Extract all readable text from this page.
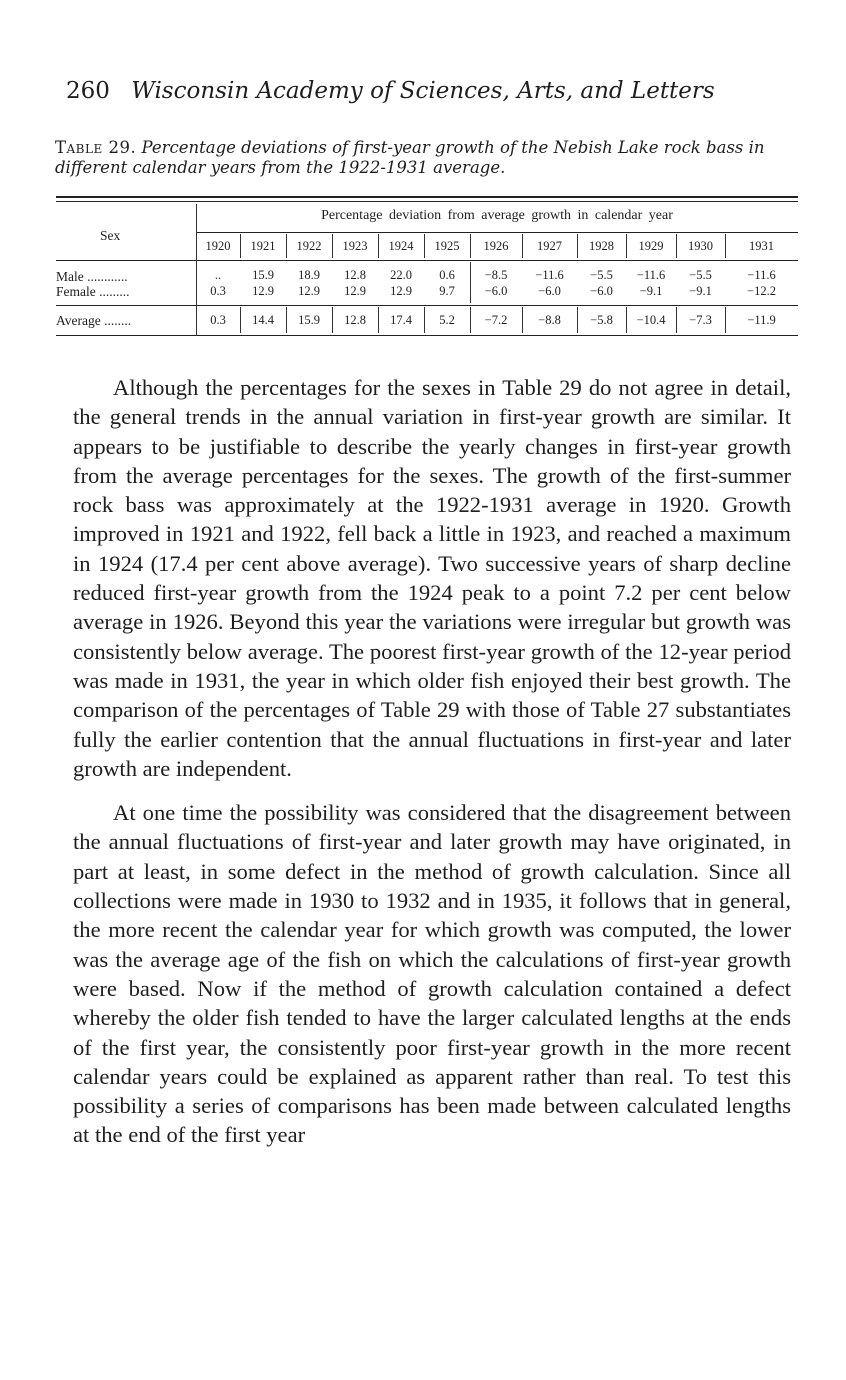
260 Wisconsin Academy of Sciences, Arts, and Letters
Table 29. Percentage deviations of first-year growth of the Nebish Lake rock bass in different calendar years from the 1922-1931 average.
Sex
Percentage deviation from average growth in calendar year
1920	1921	1922	1923	1924	1925	1926	1927	1928	1929	1930	1931
Male ............
Female .........
Average ........
..	15.9	18.9	12.8	22.0	0.6	−8.5	−11.6	−5.5	−11.6	−5.5	−11.6
0.3	12.9	12.9	12.9	12.9	9.7	−6.0	−6.0	−6.0	−9.1	−9.1	−12.2
0.3	14.4	15.9	12.8	17.4	5.2	−7.2	−8.8	−5.8	−10.4	−7.3	−11.9

Although the percentages for the sexes in Table 29 do not agree in detail, the general trends in the annual variation in first-year growth are similar. It appears to be justifiable to describe the yearly changes in first-year growth from the average percentages for the sexes. The growth of the first-summer rock bass was approximately at the 1922-1931 average in 1920. Growth improved in 1921 and 1922, fell back a little in 1923, and reached a maximum in 1924 (17.4 per cent above average). Two successive years of sharp decline reduced first-year growth from the 1924 peak to a point 7.2 per cent below average in 1926. Beyond this year the variations were irregular but growth was consistently below average. The poorest first-year growth of the 12-year period was made in 1931, the year in which older fish enjoyed their best growth. The comparison of the percentages of Table 29 with those of Table 27 substantiates fully the earlier contention that the annual fluctuations in first-year and later growth are independent.

At one time the possibility was considered that the disagreement between the annual fluctuations of first-year and later growth may have originated, in part at least, in some defect in the method of growth calculation. Since all collections were made in 1930 to 1932 and in 1935, it follows that in general, the more recent the calendar year for which growth was computed, the lower was the average age of the fish on which the calculations of first-year growth were based. Now if the method of growth calculation contained a defect whereby the older fish tended to have the larger calculated lengths at the ends of the first year, the consistently poor first-year growth in the more recent calendar years could be explained as apparent rather than real. To test this possibility a series of comparisons has been made between calculated lengths at the end of the first year
